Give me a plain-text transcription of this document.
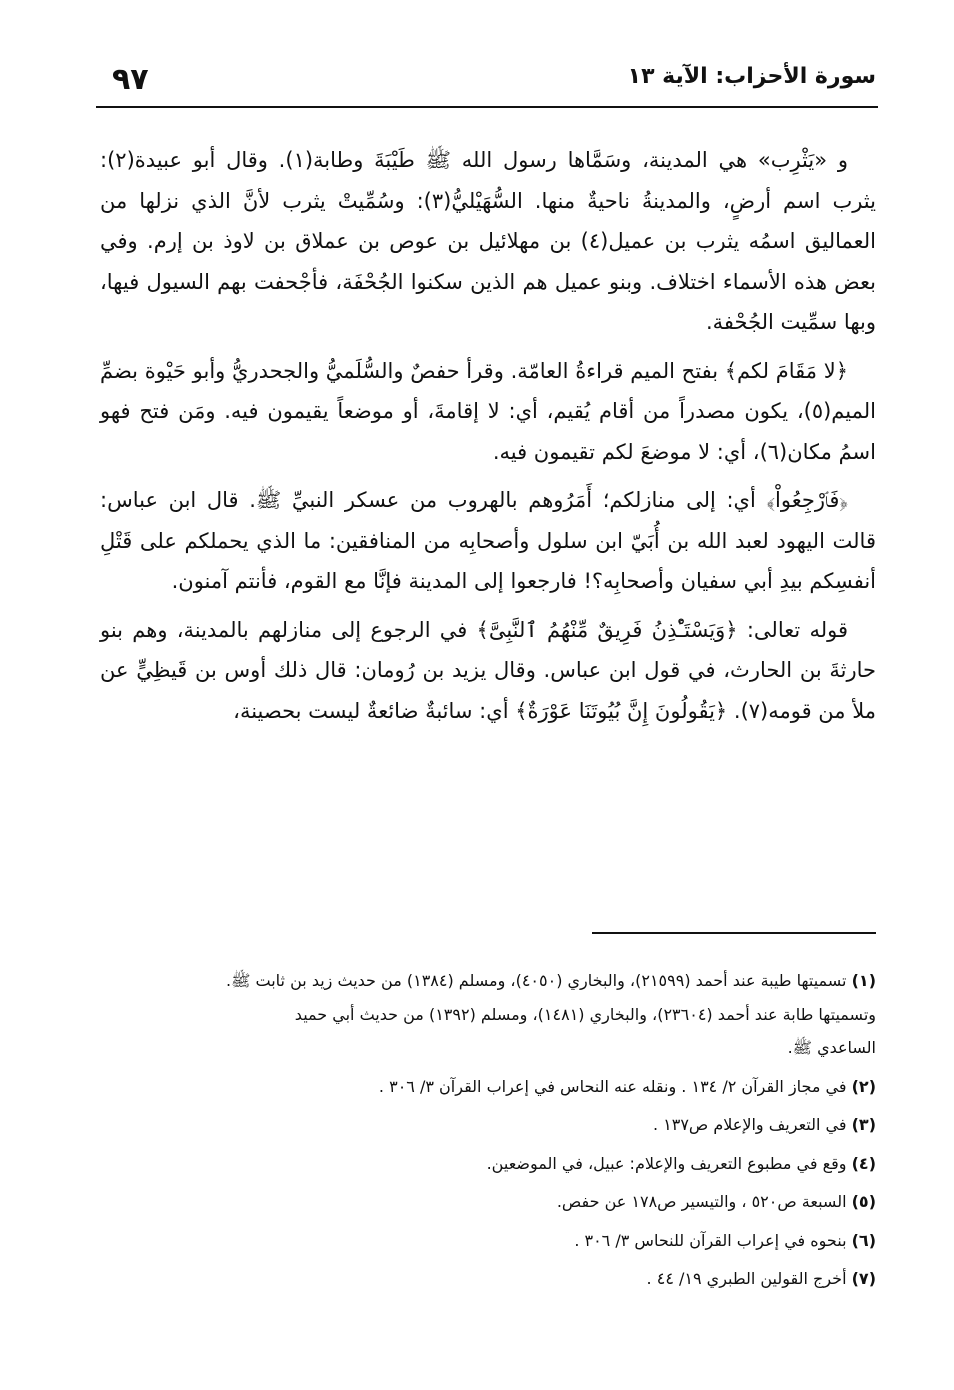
سورة الأحزاب: الآية ١٣
٩٧

و «يَثْرِب» هي المدينة، وسَمَّاها رسول الله ﷺ طَيْبَةَ وطابة(١). وقال أبو عبيدة(٢): يثرب اسم أرضٍ، والمدينةُ ناحيةٌ منها. السُّهَيْليُّ(٣): وسُمِّيتْ يثرب لأنَّ الذي نزلها من العماليق اسمُه يثرب بن عميل(٤) بن مهلائيل بن عوص بن عملاق بن لاوذ بن إرم. وفي بعض هذه الأسماء اختلاف. وبنو عميل هم الذين سكنوا الجُحْفَة، فأجْحفت بهم السيول فيها، وبها سمِّيت الجُحْفة.

﴿لا مَقَامَ لكم﴾ بفتح الميم قراءةُ العامّة. وقرأ حفصٌ والسُّلَميُّ والجحدريُّ وأبو حَيْوة بضمِّ الميم(٥)، يكون مصدراً من أقام يُقيم، أي: لا إقامةَ، أو موضعاً يقيمون فيه. ومَن فتح فهو اسمُ مكان(٦)، أي: لا موضعَ لكم تقيمون فيه.

﴿فَٱرْجِعُواْ﴾ أي: إلى منازلكم؛ أَمَرُوهم بالهروب من عسكر النبيِّ ﷺ. قال ابن عباس: قالت اليهود لعبد الله بن أُبَيّ ابن سلول وأصحابِه من المنافقين: ما الذي يحملكم على قَتْلِ أنفسِكم بيدِ أبي سفيان وأصحابِه؟! فارجعوا إلى المدينة فإنَّا مع القوم، فأنتم آمنون.

قوله تعالى: ﴿وَيَسْتَـْٔذِنُ فَرِيقٌ مِّنْهُمُ ٱلنَّبِىَّ﴾ في الرجوع إلى منازلهم بالمدينة، وهم بنو حارثةَ بن الحارث، في قول ابن عباس. وقال يزيد بن رُومان: قال ذلك أوس بن قَيظِيٍّ عن ملأ من قومه(٧). ﴿يَقُولُونَ إِنَّ بُيُوتَنَا عَوْرَةٌ﴾ أي: سائبةٌ ضائعةٌ ليست بحصينة،

(١) تسميتها طيبة عند أحمد (٢١٥٩٩)، والبخاري (٤٠٥٠)، ومسلم (١٣٨٤) من حديث زيد بن ثابت ﷺ.
وتسميتها طابة عند أحمد (٢٣٦٠٤)، والبخاري (١٤٨١)، ومسلم (١٣٩٢) من حديث أبي حميد
الساعدي ﷺ.
(٢) في مجاز القرآن ٢/ ١٣٤ . ونقله عنه النحاس في إعراب القرآن ٣/ ٣٠٦ .
(٣) في التعريف والإعلام ص١٣٧ .
(٤) وقع في مطبوع التعريف والإعلام: عبيل، في الموضعين.
(٥) السبعة ص٥٢٠ ، والتيسير ص١٧٨ عن حفص.
(٦) بنحوه في إعراب القرآن للنحاس ٣/ ٣٠٦ .
(٧) أخرج القولين الطبري ١٩/ ٤٤ .
